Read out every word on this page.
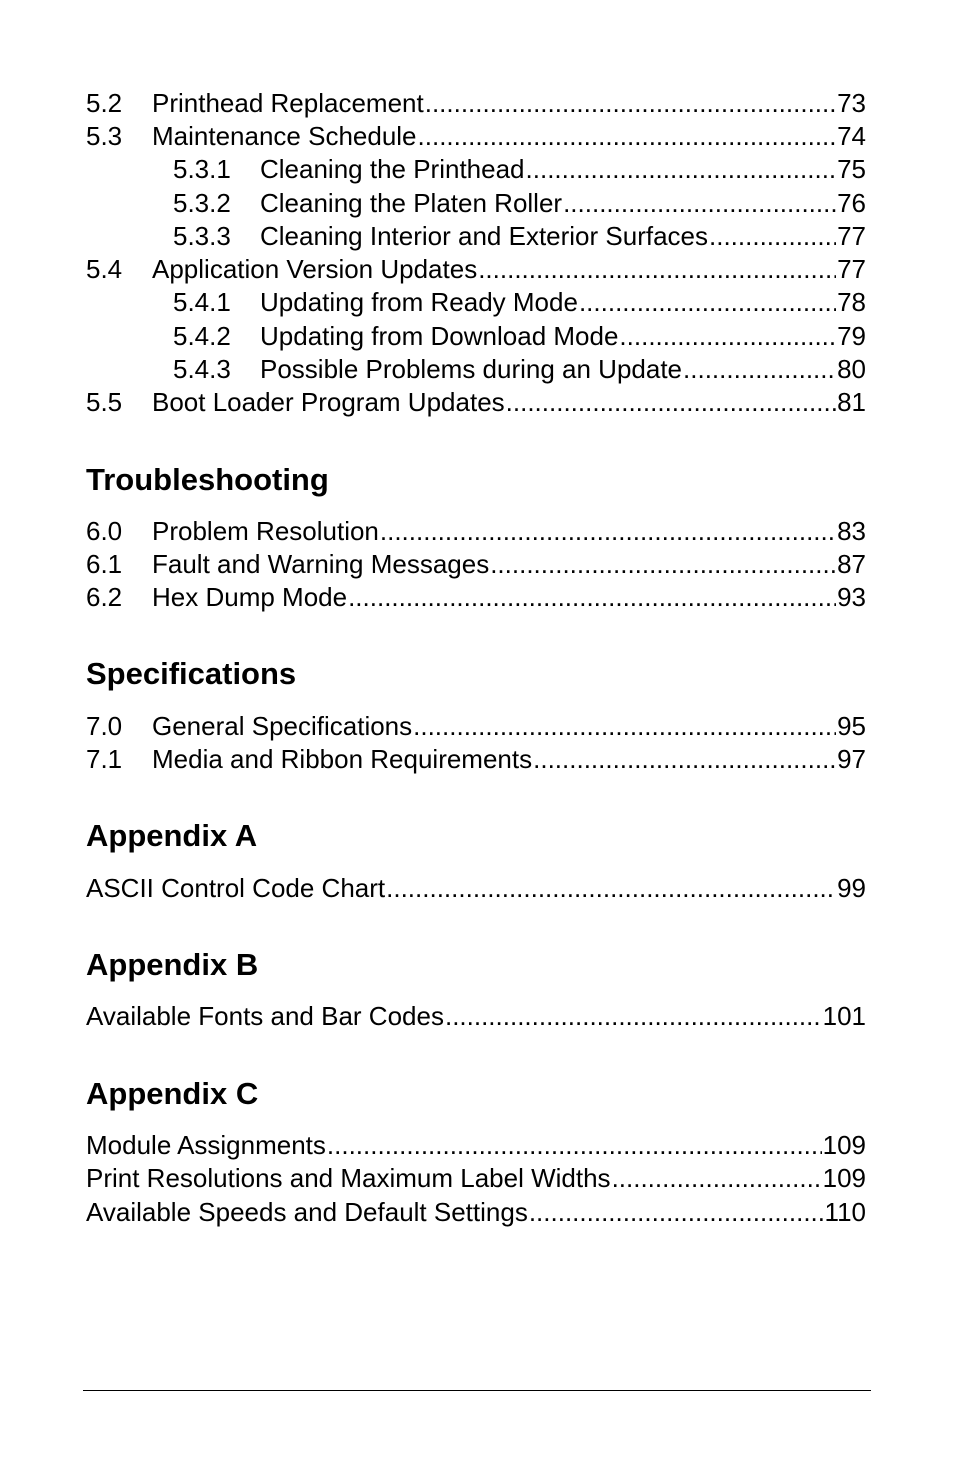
5.2	Printhead Replacement .....	73
5.3	Maintenance Schedule .....	74
5.3.1	Cleaning the Printhead .....	75
5.3.2	Cleaning the Platen Roller .....	76
5.3.3	Cleaning Interior and Exterior Surfaces .....	77
5.4	Application Version Updates .....	77
5.4.1	Updating from Ready Mode .....	78
5.4.2	Updating from Download Mode .....	79
5.4.3	Possible Problems during an Update .....	80
5.5	Boot Loader Program Updates .....	81
Troubleshooting
6.0	Problem Resolution .....	83
6.1	Fault and Warning Messages .....	87
6.2	Hex Dump Mode .....	93
Specifications
7.0	General Specifications .....	95
7.1	Media and Ribbon Requirements .....	97
Appendix A
ASCII Control Code Chart .....	99
Appendix B
Available Fonts and Bar Codes .....	101
Appendix C
Module Assignments .....	109
Print Resolutions and Maximum Label Widths .....	109
Available Speeds and Default Settings .....	110
